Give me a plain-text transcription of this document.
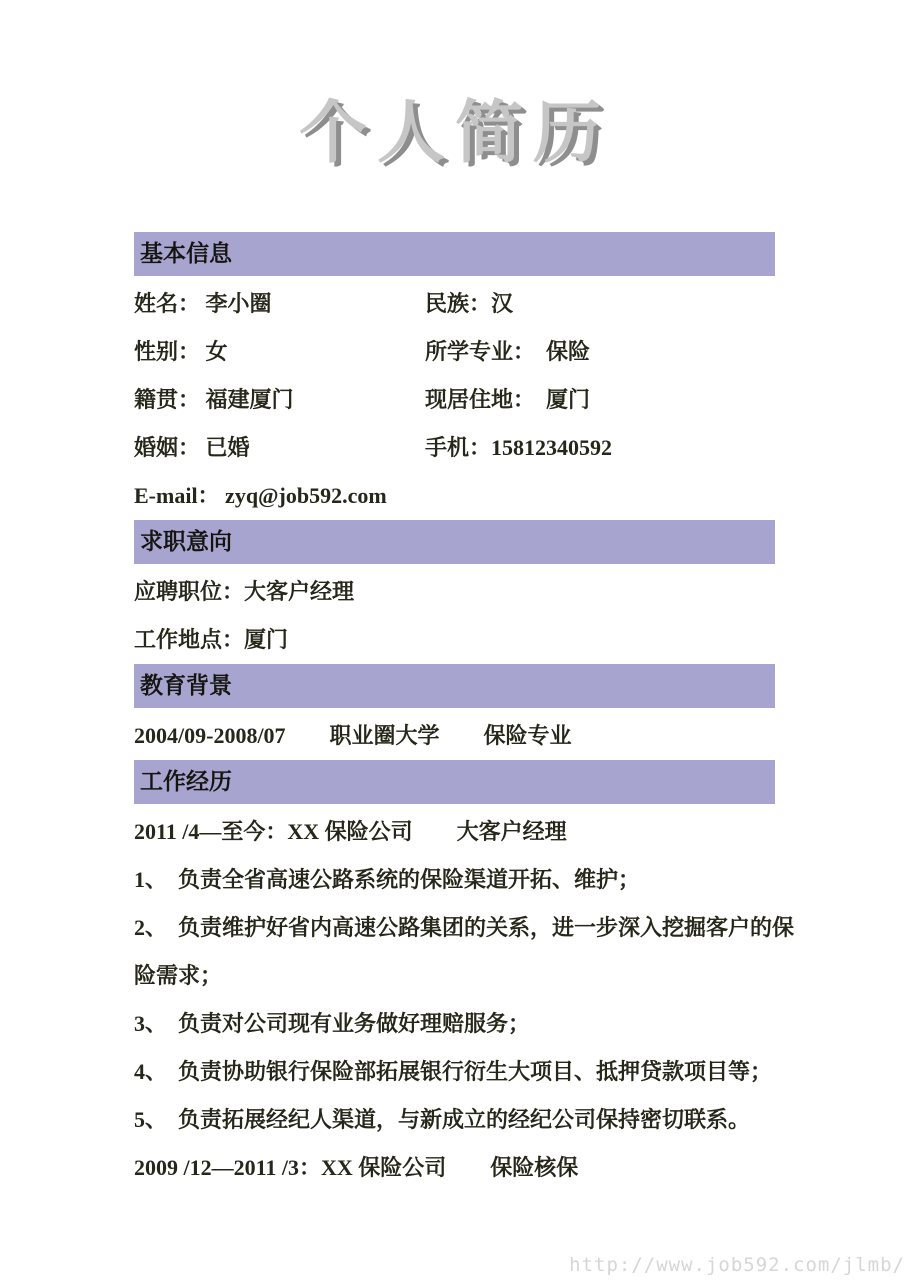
个人简历
基本信息
姓名： 李小圈	民族：汉
性别： 女	所学专业：　保险
籍贯： 福建厦门	现居住地：　厦门
婚姻： 已婚	手机：15812340592
E-mail： zyq@job592.com
求职意向
应聘职位：大客户经理
工作地点：厦门
教育背景
2004/09-2008/07　　职业圈大学　　保险专业
工作经历
2011 /4—至今：XX 保险公司　　大客户经理
1、　负责全省高速公路系统的保险渠道开拓、维护；
2、　负责维护好省内高速公路集团的关系，进一步深入挖掘客户的保
险需求；
3、　负责对公司现有业务做好理赔服务；
4、　负责协助银行保险部拓展银行衍生大项目、抵押贷款项目等；
5、　负责拓展经纪人渠道，与新成立的经纪公司保持密切联系。
2009 /12—2011 /3：XX 保险公司　　保险核保
http://www.job592.com/jlmb/
